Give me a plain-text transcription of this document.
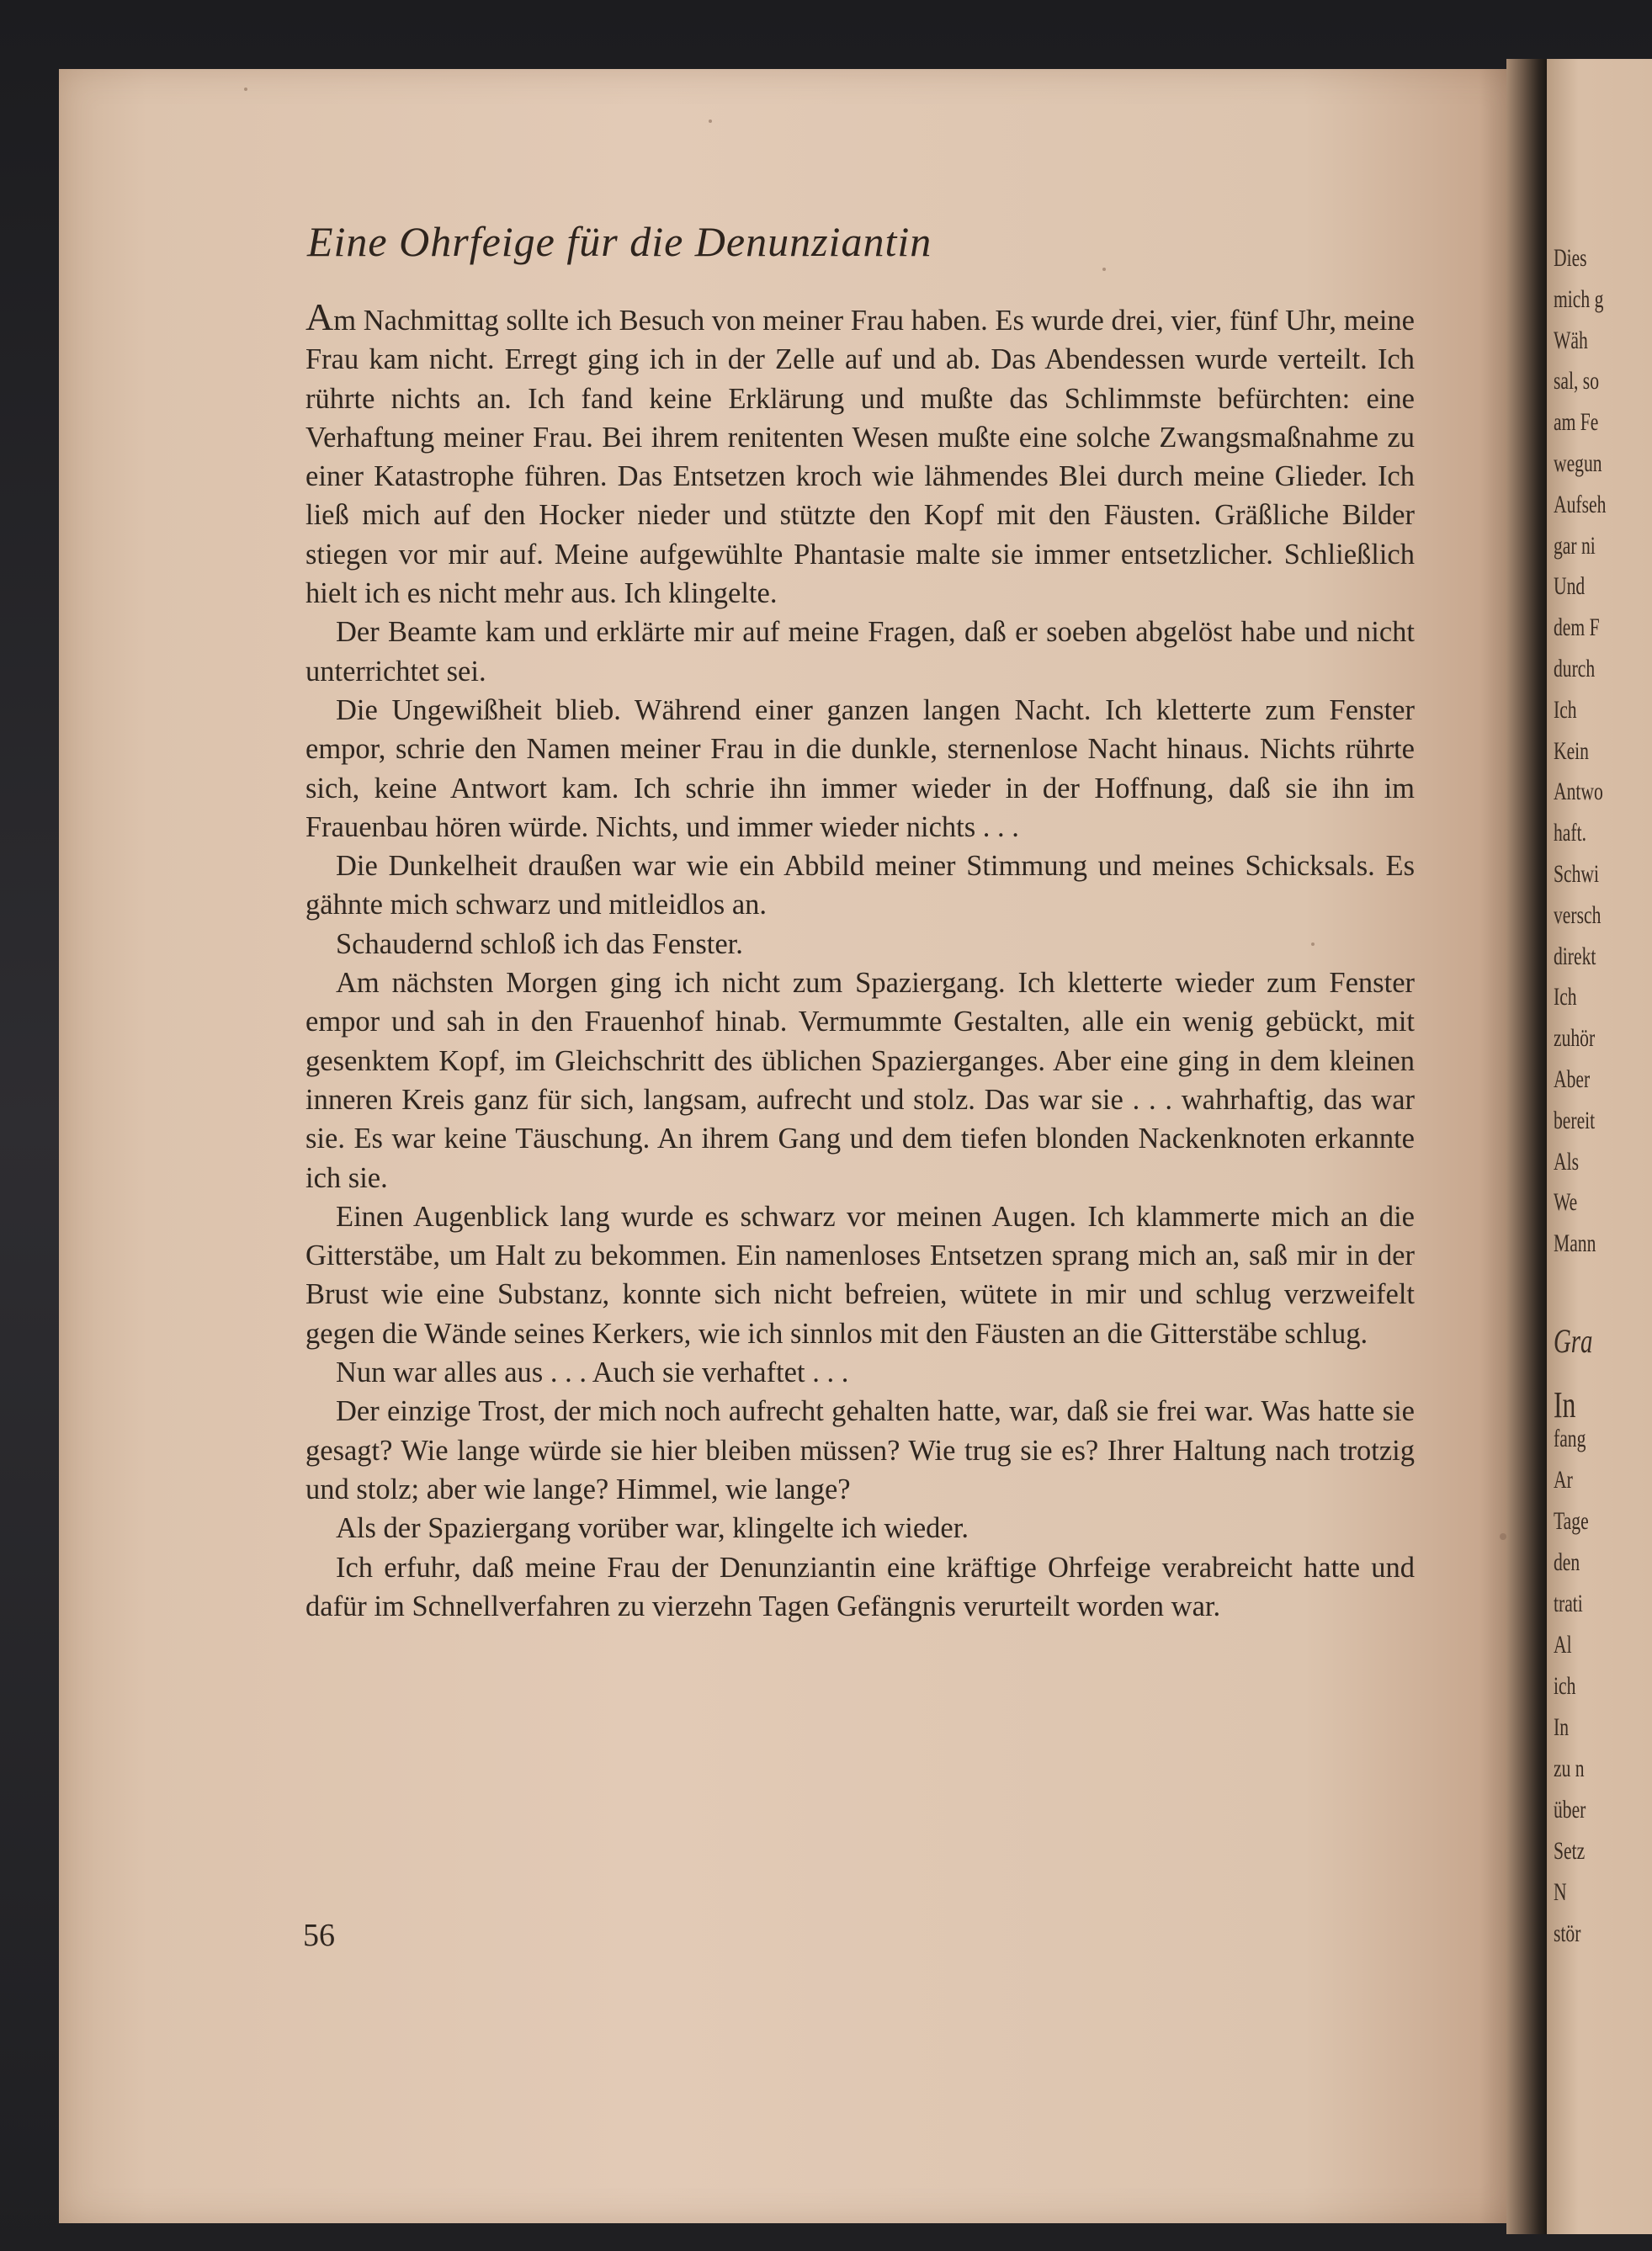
Dies
mich g
Wäh
sal, so
am Fe
wegun
Aufseh
gar ni
Und
dem F
durch
Ich
Kein
Antwo
haft.
Schwi
versch
direkt
Ich
zuhör
Aber
bereit
Als
We
Mann
Gra
In
fang
Ar
Tage
den
trati
Al
ich
In
zu n
über
Setz
N
stör
Eine Ohrfeige für die Denunziantin

Am Nachmittag sollte ich Besuch von meiner Frau haben. Es wurde drei, vier, fünf Uhr, meine Frau kam nicht. Erregt ging ich in der Zelle auf und ab. Das Abendessen wurde verteilt. Ich rührte nichts an. Ich fand keine Erklärung und mußte das Schlimmste befürchten: eine Verhaftung meiner Frau. Bei ihrem renitenten Wesen mußte eine solche Zwangsmaßnahme zu einer Katastrophe führen. Das Entsetzen kroch wie lähmendes Blei durch meine Glieder. Ich ließ mich auf den Hocker nieder und stützte den Kopf mit den Fäusten. Gräßliche Bilder stiegen vor mir auf. Meine aufgewühlte Phantasie malte sie immer entsetzlicher. Schließlich hielt ich es nicht mehr aus. Ich klingelte.

Der Beamte kam und erklärte mir auf meine Fragen, daß er soeben abgelöst habe und nicht unterrichtet sei.

Die Ungewißheit blieb. Während einer ganzen langen Nacht. Ich kletterte zum Fenster empor, schrie den Namen meiner Frau in die dunkle, sternenlose Nacht hinaus. Nichts rührte sich, keine Antwort kam. Ich schrie ihn immer wieder in der Hoffnung, daß sie ihn im Frauenbau hören würde. Nichts, und immer wieder nichts . . .

Die Dunkelheit draußen war wie ein Abbild meiner Stimmung und meines Schicksals. Es gähnte mich schwarz und mitleidlos an.

Schaudernd schloß ich das Fenster.

Am nächsten Morgen ging ich nicht zum Spaziergang. Ich kletterte wieder zum Fenster empor und sah in den Frauenhof hinab. Vermummte Gestalten, alle ein wenig gebückt, mit gesenktem Kopf, im Gleichschritt des üblichen Spazierganges. Aber eine ging in dem kleinen inneren Kreis ganz für sich, langsam, aufrecht und stolz. Das war sie . . . wahrhaftig, das war sie. Es war keine Täuschung. An ihrem Gang und dem tiefen blonden Nackenknoten erkannte ich sie.

Einen Augenblick lang wurde es schwarz vor meinen Augen. Ich klammerte mich an die Gitterstäbe, um Halt zu bekommen. Ein namenloses Entsetzen sprang mich an, saß mir in der Brust wie eine Substanz, konnte sich nicht befreien, wütete in mir und schlug verzweifelt gegen die Wände seines Kerkers, wie ich sinnlos mit den Fäusten an die Gitterstäbe schlug.

Nun war alles aus . . . Auch sie verhaftet . . .

Der einzige Trost, der mich noch aufrecht gehalten hatte, war, daß sie frei war. Was hatte sie gesagt? Wie lange würde sie hier bleiben müssen? Wie trug sie es? Ihrer Haltung nach trotzig und stolz; aber wie lange? Himmel, wie lange?

Als der Spaziergang vorüber war, klingelte ich wieder.

Ich erfuhr, daß meine Frau der Denunziantin eine kräftige Ohrfeige verabreicht hatte und dafür im Schnellverfahren zu vierzehn Tagen Gefängnis verurteilt worden war.

56
